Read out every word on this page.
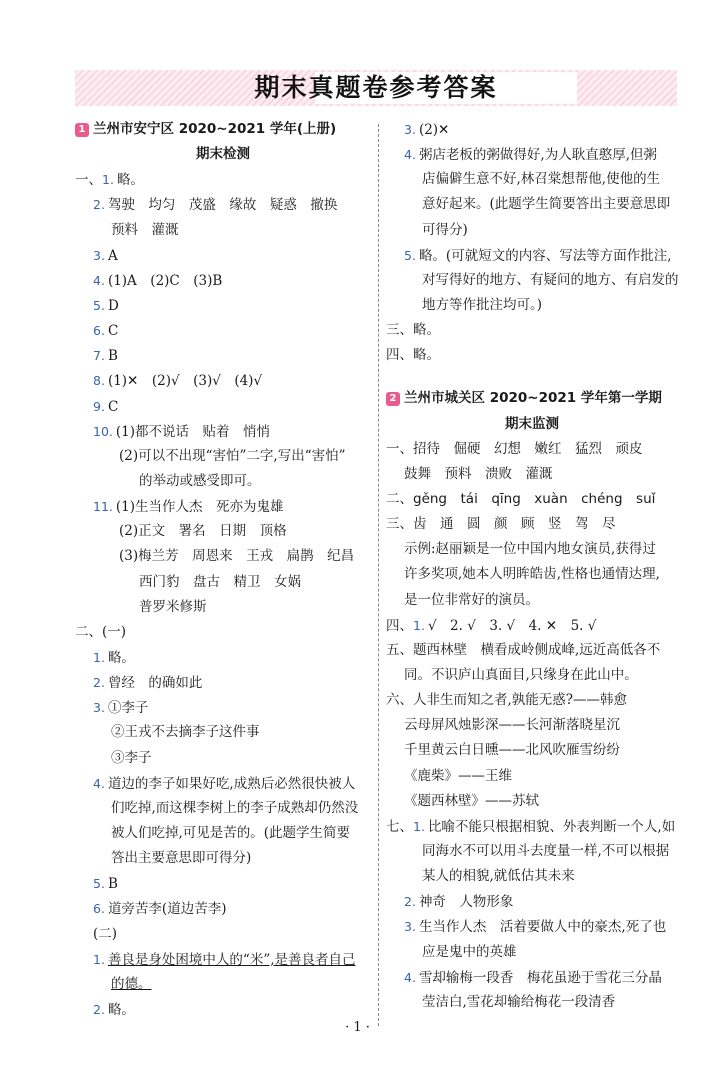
期末真题卷参考答案
1 兰州市安宁区 2020~2021 学年(上册)
期末检测
一、1. 略。
2. 驾驶　均匀　茂盛　缘故　疑惑　撤换
预料　灌溉
3. A
4. (1)A　(2)C　(3)B
5. D
6. C
7. B
8. (1)✕　(2)√　(3)√　(4)√
9. C
10. (1)都不说话　贴着　悄悄
(2)可以不出现“害怕”二字,写出“害怕”
的举动或感受即可。
11. (1)生当作人杰　死亦为鬼雄
(2)正文　署名　日期　顶格
(3)梅兰芳　周恩来　王戎　扁鹊　纪昌
西门豹　盘古　精卫　女娲
普罗米修斯
二、(一)
1. 略。
2. 曾经　的确如此
3. ①李子
②王戎不去摘李子这件事
③李子
4. 道边的李子如果好吃,成熟后必然很快被人
们吃掉,而这棵李树上的李子成熟却仍然没
被人们吃掉,可见是苦的。(此题学生简要
答出主要意思即可得分)
5. B
6. 道旁苦李(道边苦李)
(二)
1. 善良是身处困境中人的“米”,是善良者自己
的德。
2. 略。
3. (2)✕
4. 粥店老板的粥做得好,为人耿直憨厚,但粥
店偏僻生意不好,林召棠想帮他,使他的生
意好起来。(此题学生简要答出主要意思即
可得分)
5. 略。(可就短文的内容、写法等方面作批注,
对写得好的地方、有疑问的地方、有启发的
地方等作批注均可。)
三、略。
四、略。
2 兰州市城关区 2020~2021 学年第一学期
期末监测
一、招待　倔硬　幻想　嫩红　猛烈　顽皮
鼓舞　预料　溃败　灌溉
二、gěng　tái　qīng　xuàn　chéng　suǐ
三、齿　通　圆　颜　顾　竖　驾　尽
示例:赵丽颖是一位中国内地女演员,获得过
许多奖项,她本人明眸皓齿,性格也通情达理,
是一位非常好的演员。
四、1. √　2. √　3. √　4. ✕　5. √
五、题西林壁　横看成岭侧成峰,远近高低各不
同。不识庐山真面目,只缘身在此山中。
六、人非生而知之者,孰能无惑?——韩愈
云母屏风烛影深——长河渐落晓星沉
千里黄云白日曛——北风吹雁雪纷纷
《鹿柴》——王维
《题西林壁》——苏轼
七、1. 比喻不能只根据相貌、外表判断一个人,如
同海水不可以用斗去度量一样,不可以根据
某人的相貌,就低估其未来
2. 神奇　人物形象
3. 生当作人杰　活着要做人中的豪杰,死了也
应是鬼中的英雄
4. 雪却输梅一段香　梅花虽逊于雪花三分晶
莹洁白,雪花却输给梅花一段清香
· 1 ·
